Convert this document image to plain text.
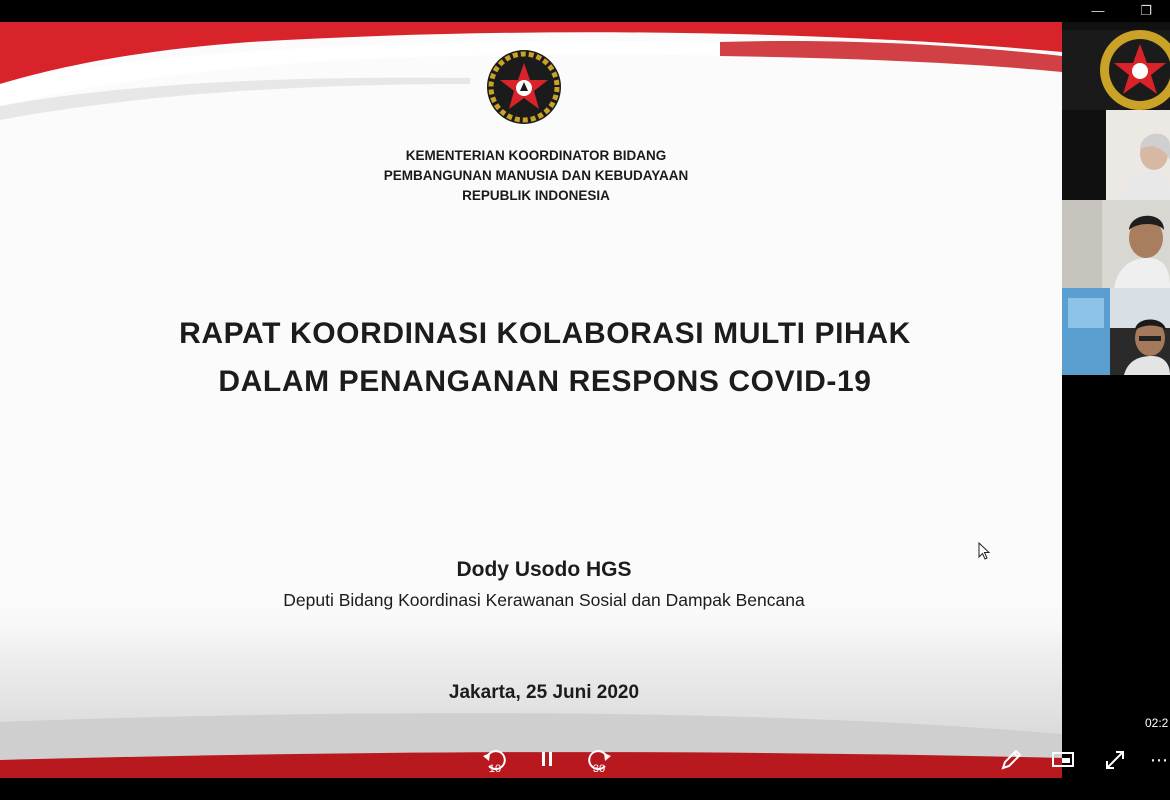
—	❐
KEMENTERIAN KOORDINATOR BIDANG
PEMBANGUNAN MANUSIA DAN KEBUDAYAAN
REPUBLIK INDONESIA
RAPAT KOORDINASI KOLABORASI MULTI PIHAK
DALAM PENANGANAN RESPONS COVID-19
Dody Usodo HGS
Deputi Bidang Koordinasi Kerawanan Sosial dan Dampak Bencana
Jakarta, 25 Juni 2020
02:2
10	30	⋯
